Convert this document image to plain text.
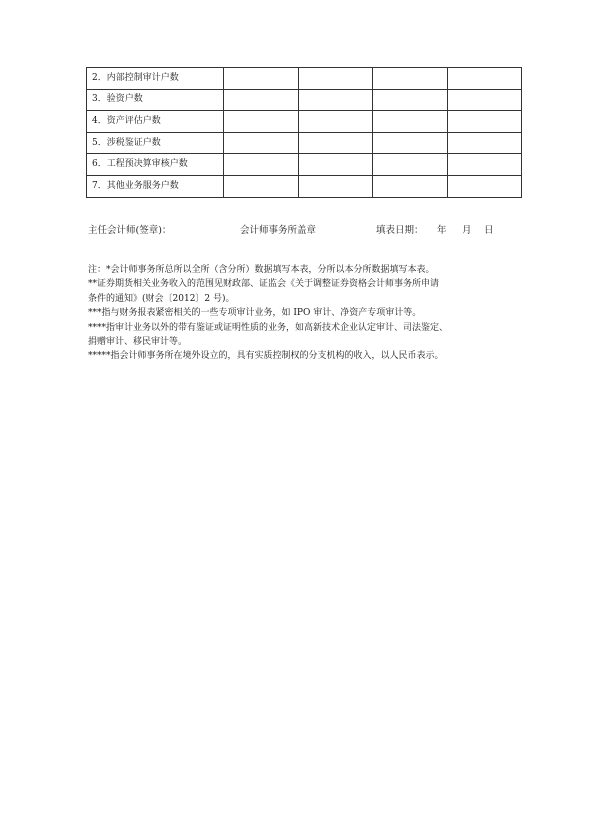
2．内部控制审计户数				
3．验资户数				
4．资产评估户数				
5．涉税鉴证户数				
6．工程预决算审核户数				
7．其他业务服务户数				
主任会计师(签章)：	会计师事务所盖章	填表日期： 年 月 日

注：*会计师事务所总所以全所（含分所）数据填写本表，分所以本分所数据填写本表。

**证券期货相关业务收入的范围见财政部、证监会《关于调整证券资格会计师事务所申请

条件的通知》(财会〔2012〕2 号)。

***指与财务报表紧密相关的一些专项审计业务，如 IPO 审计、净资产专项审计等。

****指审计业务以外的带有鉴证或证明性质的业务，如高新技术企业认定审计、司法鉴定、

捐赠审计、移民审计等。

*****指会计师事务所在境外设立的，具有实质控制权的分支机构的收入，以人民币表示。
